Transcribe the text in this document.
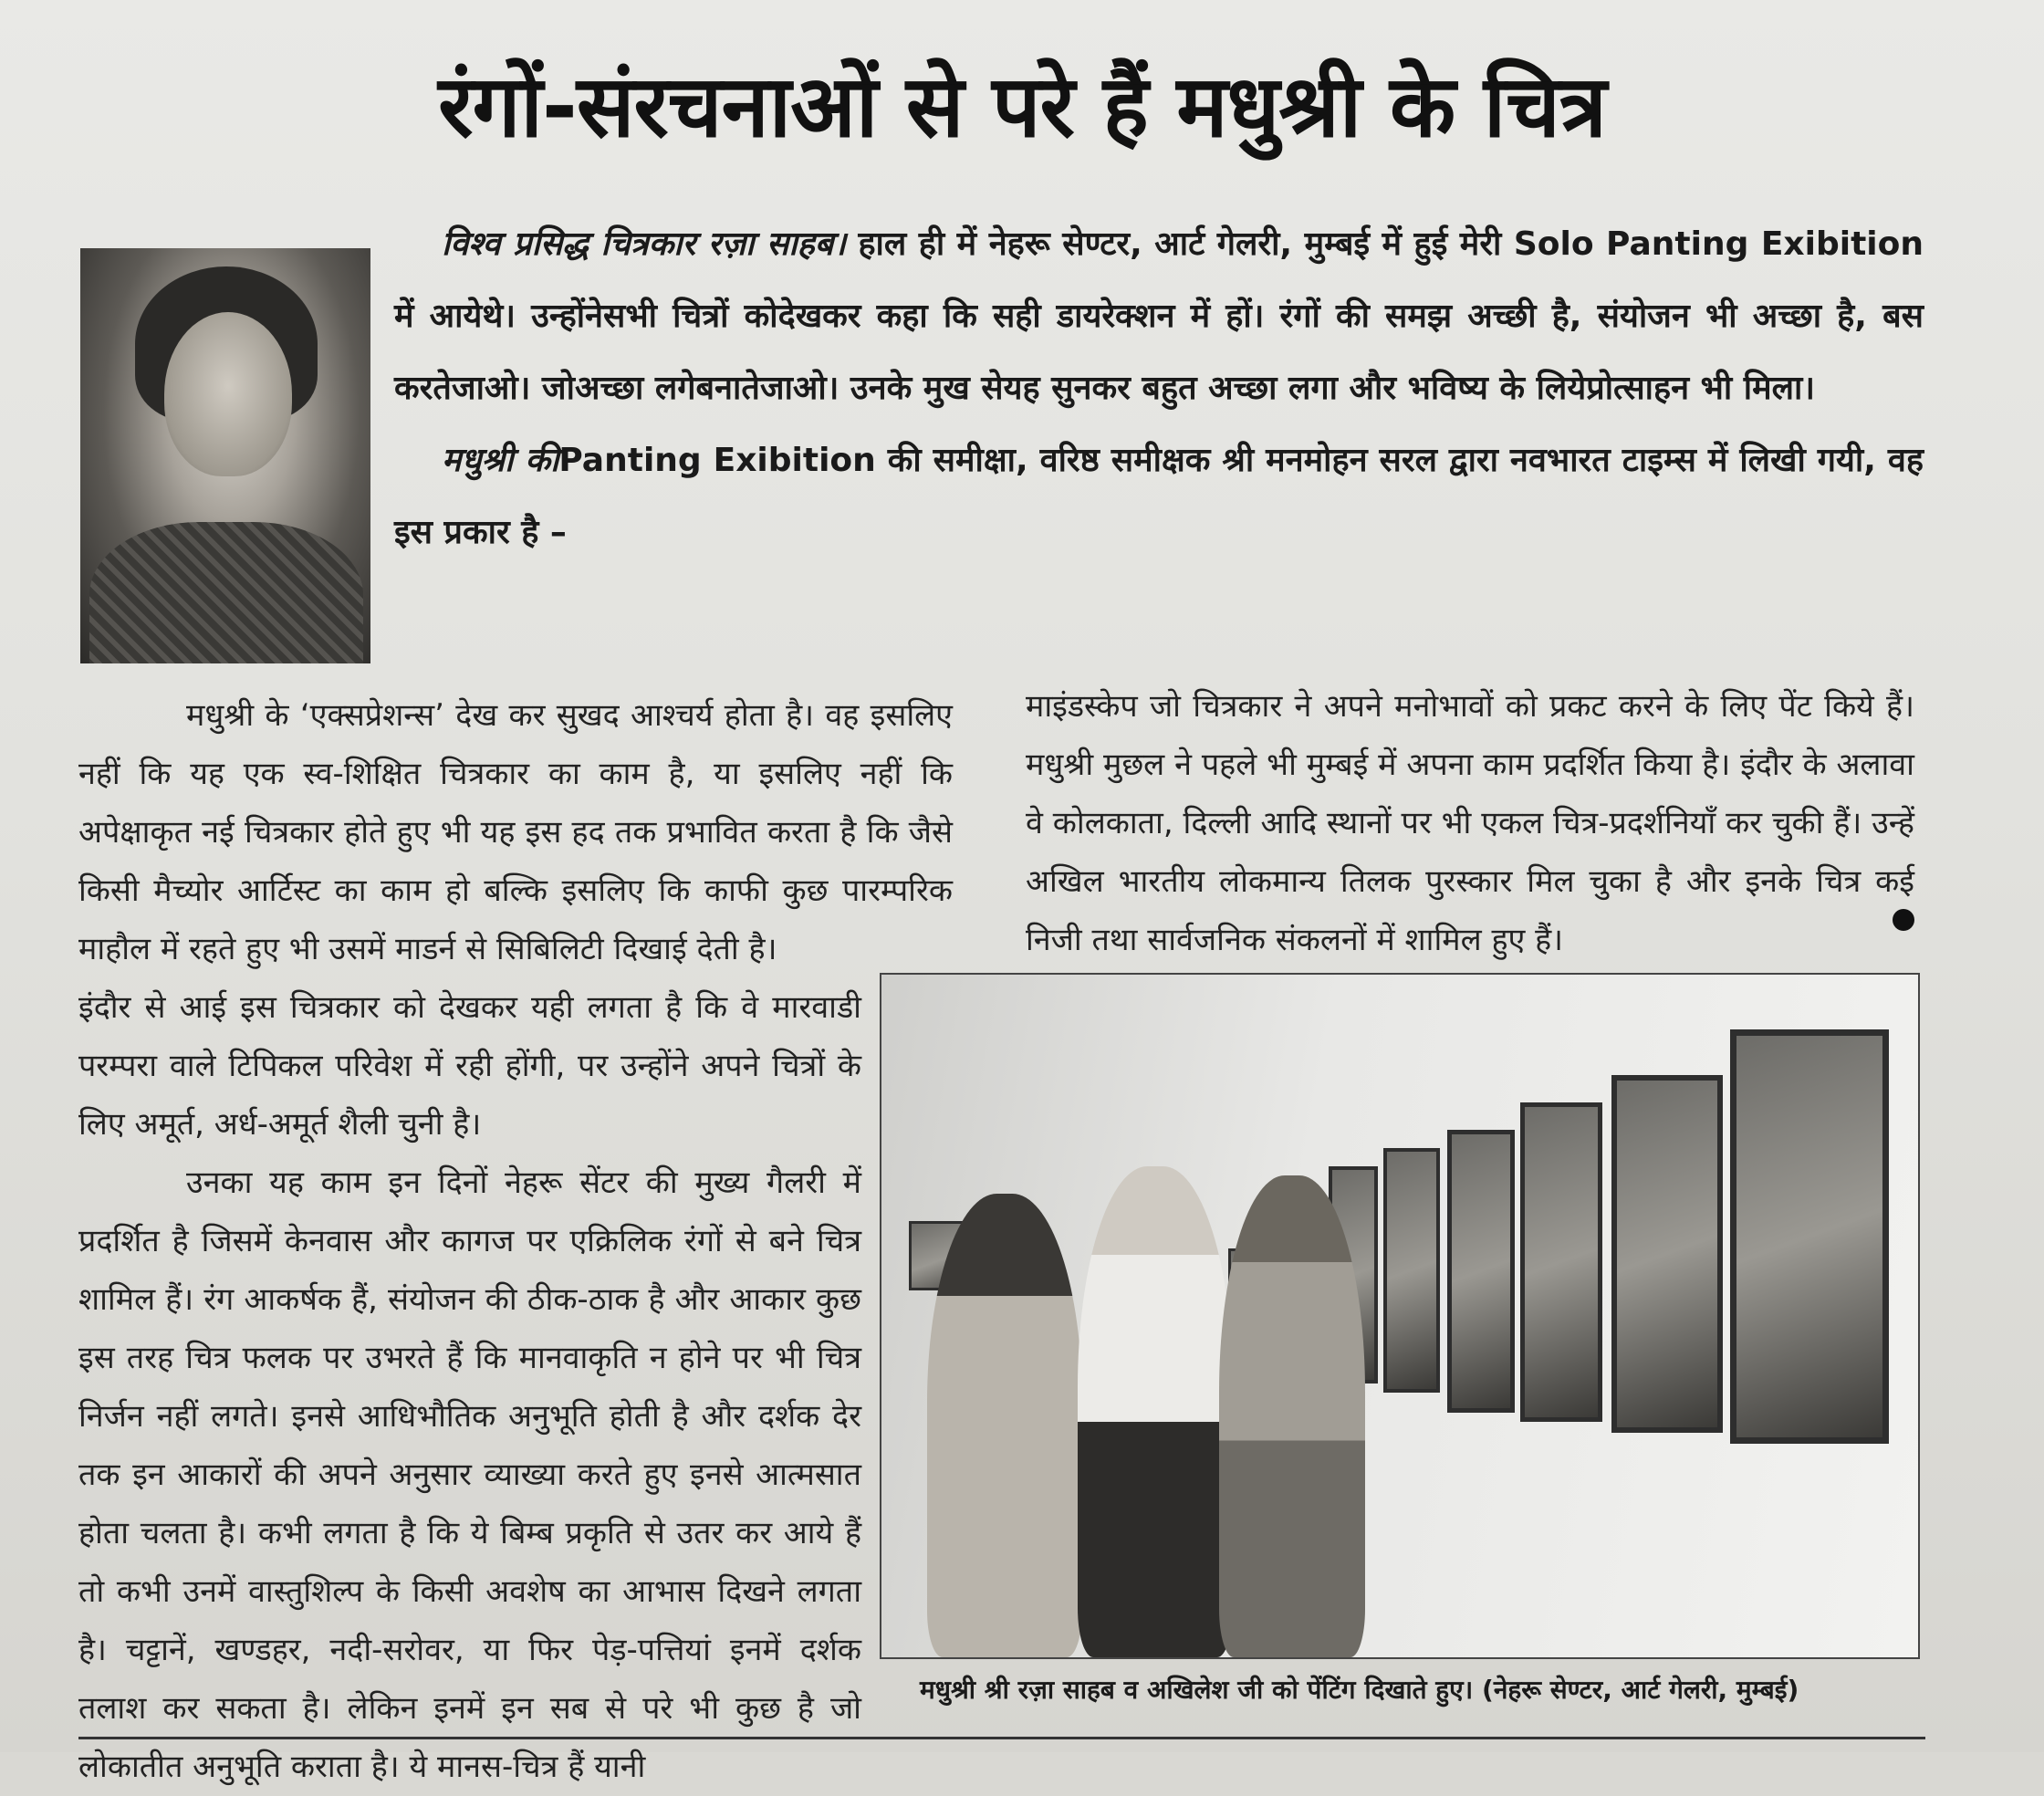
रंगों-संरचनाओं से परे हैं मधुश्री के चित्र

विश्व प्रसिद्ध चित्रकार रज़ा साहब। हाल ही में नेहरू सेण्टर, आर्ट गेलरी, मुम्बई में हुई मेरी Solo Panting Exibition में आयेथे। उन्होंनेसभी चित्रों कोदेखकर कहा कि सही डायरेक्शन में हों। रंगों की समझ अच्छी है, संयोजन भी अच्छा है, बस करतेजाओ। जोअच्छा लगेबनातेजाओ। उनके मुख सेयह सुनकर बहुत अच्छा लगा और भविष्य के लियेप्रोत्साहन भी मिला।

मधुश्री कीPanting Exibition की समीक्षा, वरिष्ठ समीक्षक श्री मनमोहन सरल द्वारा नवभारत टाइम्स में लिखी गयी, वह इस प्रकार है –

मधुश्री के ‘एक्सप्रेशन्स’ देख कर सुखद आश्चर्य होता है। वह इसलिए नहीं कि यह एक स्व-शिक्षित चित्रकार का काम है, या इसलिए नहीं कि अपेक्षाकृत नई चित्रकार होते हुए भी यह इस हद तक प्रभावित करता है कि जैसे किसी मैच्योर आर्टिस्ट का काम हो बल्कि इसलिए कि काफी कुछ पारम्परिक माहौल में रहते हुए भी उसमें माडर्न से सिबिलिटी दिखाई देती है।

इंदौर से आई इस चित्रकार को देखकर यही लगता है कि वे मारवाडी परम्परा वाले टिपिकल परिवेश में रही होंगी, पर उन्होंने अपने चित्रों के लिए अमूर्त, अर्ध-अमूर्त शैली चुनी है।

उनका यह काम इन दिनों नेहरू सेंटर की मुख्य गैलरी में प्रदर्शित है जिसमें केनवास और कागज पर एक्रिलिक रंगों से बने चित्र शामिल हैं। रंग आकर्षक हैं, संयोजन की ठीक-ठाक है और आकार कुछ इस तरह चित्र फलक पर उभरते हैं कि मानवाकृति न होने पर भी चित्र निर्जन नहीं लगते। इनसे आधिभौतिक अनुभूति होती है और दर्शक देर तक इन आकारों की अपने अनुसार व्याख्या करते हुए इनसे आत्मसात होता चलता है। कभी लगता है कि ये बिम्ब प्रकृति से उतर कर आये हैं तो कभी उनमें वास्तुशिल्प के किसी अवशेष का आभास दिखने लगता है। चट्टानें, खण्डहर, नदी-सरोवर, या फिर पेड़-पत्तियां इनमें दर्शक तलाश कर सकता है। लेकिन इनमें इन सब से परे भी कुछ है जो लोकातीत अनुभूति कराता है। ये मानस-चित्र हैं यानी

माइंडस्केप जो चित्रकार ने अपने मनोभावों को प्रकट करने के लिए पेंट किये हैं। मधुश्री मुछल ने पहले भी मुम्बई में अपना काम प्रदर्शित किया है। इंदौर के अलावा वे कोलकाता, दिल्ली आदि स्थानों पर भी एकल चित्र-प्रदर्शनियाँ कर चुकी हैं। उन्हें अखिल भारतीय लोकमान्य तिलक पुरस्कार मिल चुका है और इनके चित्र कई निजी तथा सार्वजनिक संकलनों में शामिल हुए हैं।

मधुश्री श्री रज़ा साहब व अखिलेश जी को पेंटिंग दिखाते हुए। (नेहरू सेण्टर, आर्ट गेलरी, मुम्बई)
